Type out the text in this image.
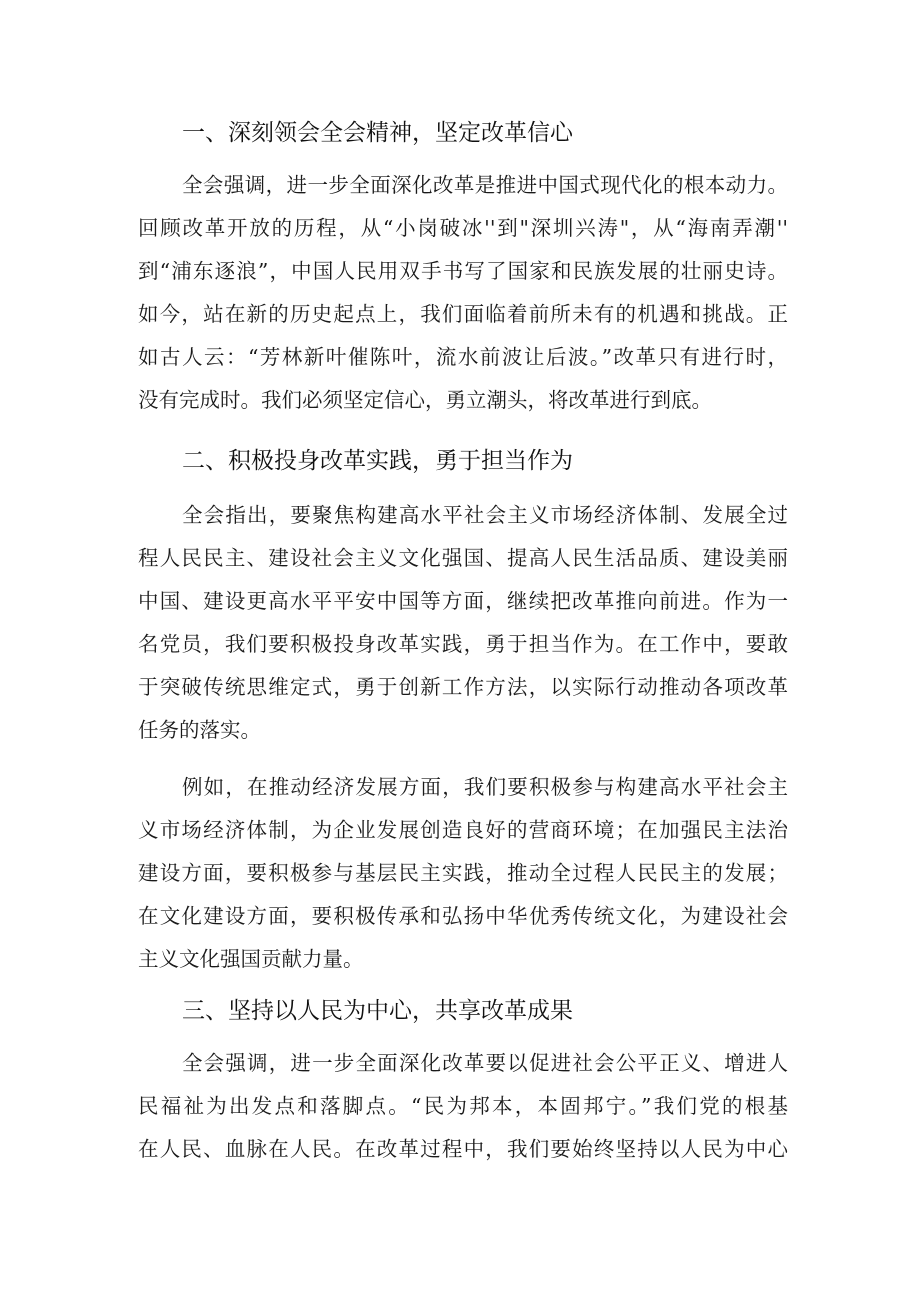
一、深刻领会全会精神，坚定改革信心
全会强调，进一步全面深化改革是推进中国式现代化的根本动力。
回顾改革开放的历程，从“小岗破冰''到"深圳兴涛"，从“海南弄潮''
到“浦东逐浪”，中国人民用双手书写了国家和民族发展的壮丽史诗。
如今，站在新的历史起点上，我们面临着前所未有的机遇和挑战。正
如古人云：“芳林新叶催陈叶，流水前波让后波。”改革只有进行时，
没有完成时。我们必须坚定信心，勇立潮头，将改革进行到底。
二、积极投身改革实践，勇于担当作为
全会指出，要聚焦构建高水平社会主义市场经济体制、发展全过
程人民民主、建设社会主义文化强国、提高人民生活品质、建设美丽
中国、建设更高水平平安中国等方面，继续把改革推向前进。作为一
名党员，我们要积极投身改革实践，勇于担当作为。在工作中，要敢
于突破传统思维定式，勇于创新工作方法，以实际行动推动各项改革
任务的落实。
例如，在推动经济发展方面，我们要积极参与构建高水平社会主
义市场经济体制，为企业发展创造良好的营商环境；在加强民主法治
建设方面，要积极参与基层民主实践，推动全过程人民民主的发展；
在文化建设方面，要积极传承和弘扬中华优秀传统文化，为建设社会
主义文化强国贡献力量。
三、坚持以人民为中心，共享改革成果
全会强调，进一步全面深化改革要以促进社会公平正义、增进人
民福祉为出发点和落脚点。“民为邦本，本固邦宁。”我们党的根基
在人民、血脉在人民。在改革过程中，我们要始终坚持以人民为中心
